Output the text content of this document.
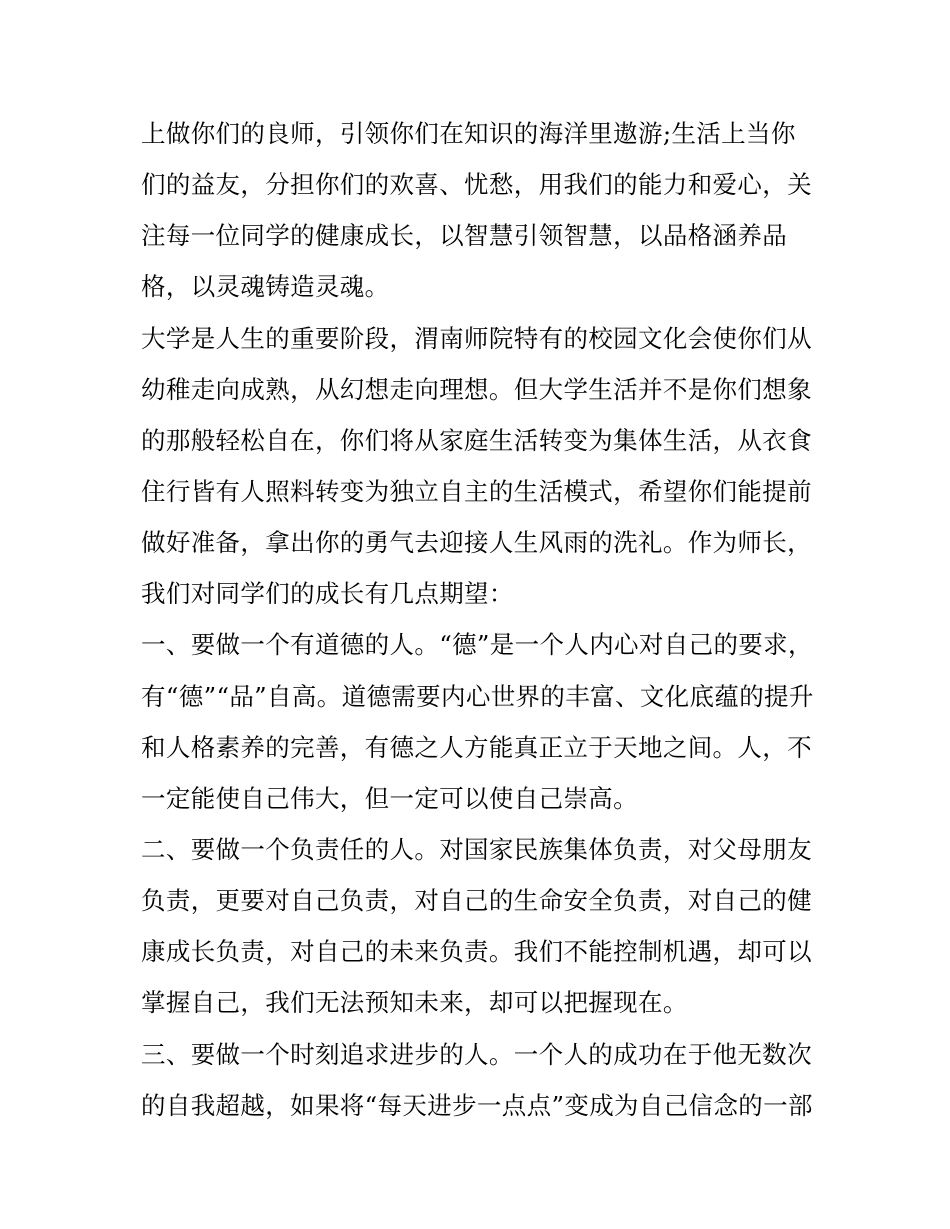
上做你们的良师，引领你们在知识的海洋里遨游;生活上当你
们的益友，分担你们的欢喜、忧愁，用我们的能力和爱心，关
注每一位同学的健康成长，以智慧引领智慧，以品格涵养品
格，以灵魂铸造灵魂。
大学是人生的重要阶段，渭南师院特有的校园文化会使你们从
幼稚走向成熟，从幻想走向理想。但大学生活并不是你们想象
的那般轻松自在，你们将从家庭生活转变为集体生活，从衣食
住行皆有人照料转变为独立自主的生活模式，希望你们能提前
做好准备，拿出你的勇气去迎接人生风雨的洗礼。作为师长，
我们对同学们的成长有几点期望：
一、要做一个有道德的人。“德”是一个人内心对自己的要求，
有“德”“品”自高。道德需要内心世界的丰富、文化底蕴的提升
和人格素养的完善，有德之人方能真正立于天地之间。人，不
一定能使自己伟大，但一定可以使自己崇高。
二、要做一个负责任的人。对国家民族集体负责，对父母朋友
负责，更要对自己负责，对自己的生命安全负责，对自己的健
康成长负责，对自己的未来负责。我们不能控制机遇，却可以
掌握自己，我们无法预知未来，却可以把握现在。
三、要做一个时刻追求进步的人。一个人的成功在于他无数次
的自我超越，如果将“每天进步一点点”变成为自己信念的一部
